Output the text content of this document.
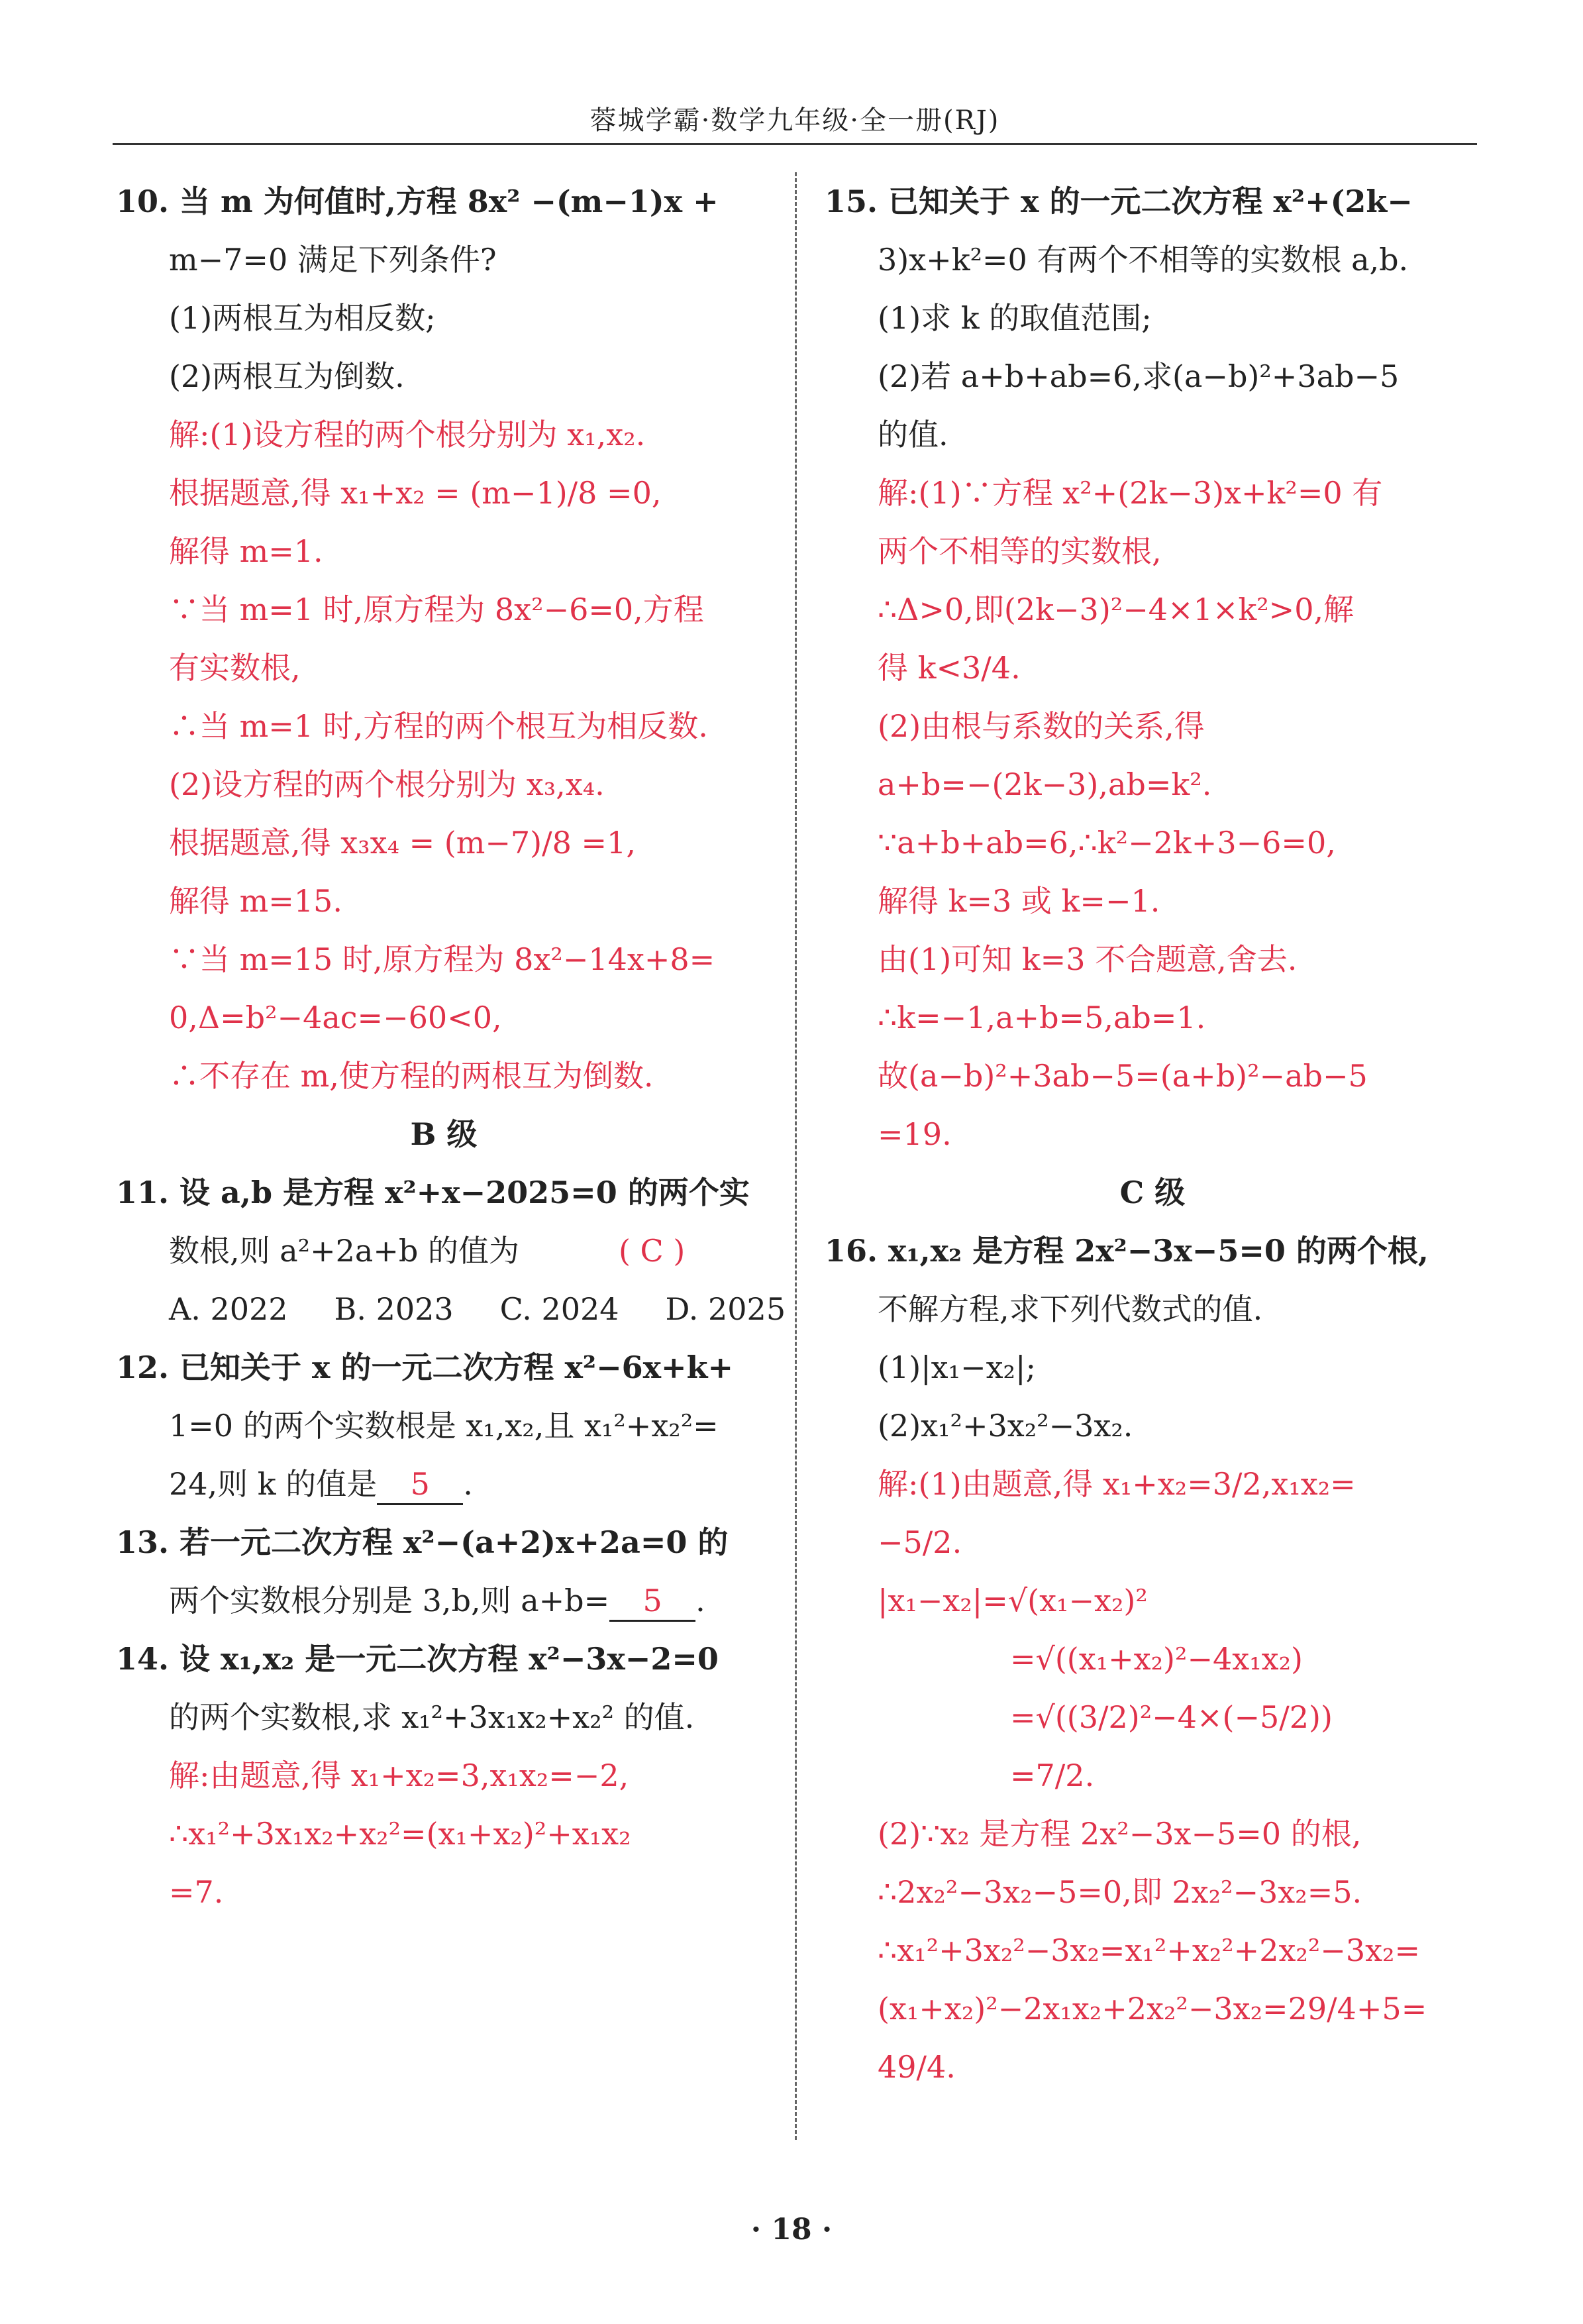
蓉城学霸·数学九年级·全一册(RJ)
10. 当 m 为何值时,方程 8x² −(m−1)x +
m−7=0 满足下列条件?
(1)两根互为相反数;
(2)两根互为倒数.
解:(1)设方程的两个根分别为 x₁,x₂.
根据题意,得 x₁+x₂ = (m−1)/8 =0,
解得 m=1.
∵当 m=1 时,原方程为 8x²−6=0,方程
有实数根,
∴当 m=1 时,方程的两个根互为相反数.
(2)设方程的两个根分别为 x₃,x₄.
根据题意,得 x₃x₄ = (m−7)/8 =1,
解得 m=15.
∵当 m=15 时,原方程为 8x²−14x+8=
0,Δ=b²−4ac=−60<0,
∴不存在 m,使方程的两根互为倒数.
B 级
11. 设 a,b 是方程 x²+x−2025=0 的两个实
数根,则 a²+2a+b 的值为	( C )
A. 2022 B. 2023 C. 2024 D. 2025
12. 已知关于 x 的一元二次方程 x²−6x+k+
1=0 的两个实数根是 x₁,x₂,且 x₁²+x₂²=
24,则 k 的值是 5 .
13. 若一元二次方程 x²−(a+2)x+2a=0 的
两个实数根分别是 3,b,则 a+b= 5 .
14. 设 x₁,x₂ 是一元二次方程 x²−3x−2=0
的两个实数根,求 x₁²+3x₁x₂+x₂² 的值.
解:由题意,得 x₁+x₂=3,x₁x₂=−2,
∴x₁²+3x₁x₂+x₂²=(x₁+x₂)²+x₁x₂
=7.
15. 已知关于 x 的一元二次方程 x²+(2k−
3)x+k²=0 有两个不相等的实数根 a,b.
(1)求 k 的取值范围;
(2)若 a+b+ab=6,求(a−b)²+3ab−5
的值.
解:(1)∵方程 x²+(2k−3)x+k²=0 有
两个不相等的实数根,
∴Δ>0,即(2k−3)²−4×1×k²>0,解
得 k<3/4.
(2)由根与系数的关系,得
a+b=−(2k−3),ab=k².
∵a+b+ab=6,∴k²−2k+3−6=0,
解得 k=3 或 k=−1.
由(1)可知 k=3 不合题意,舍去.
∴k=−1,a+b=5,ab=1.
故(a−b)²+3ab−5=(a+b)²−ab−5
=19.
C 级
16. x₁,x₂ 是方程 2x²−3x−5=0 的两个根,
不解方程,求下列代数式的值.
(1)|x₁−x₂|;
(2)x₁²+3x₂²−3x₂.
解:(1)由题意,得 x₁+x₂=3/2,x₁x₂=
−5/2.
|x₁−x₂|=√(x₁−x₂)²
=√((x₁+x₂)²−4x₁x₂)
=√((3/2)²−4×(−5/2))
=7/2.
(2)∵x₂ 是方程 2x²−3x−5=0 的根,
∴2x₂²−3x₂−5=0,即 2x₂²−3x₂=5.
∴x₁²+3x₂²−3x₂=x₁²+x₂²+2x₂²−3x₂=
(x₁+x₂)²−2x₁x₂+2x₂²−3x₂=29/4+5=
49/4.
· 18 ·
